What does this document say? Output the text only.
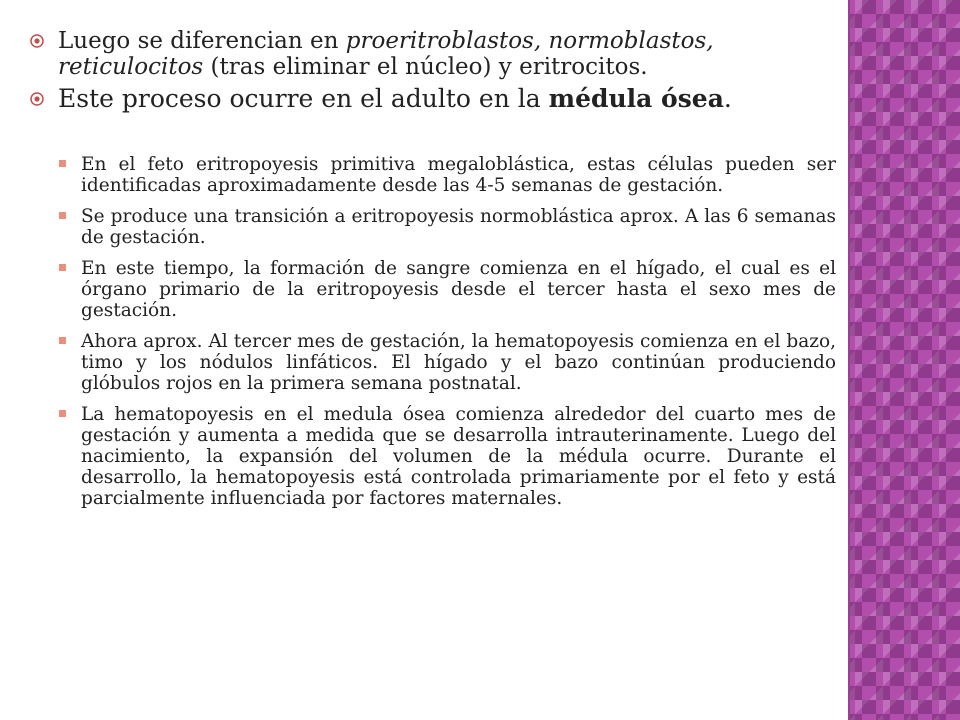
Luego se diferencian en proeritroblastos, normoblastos, reticulocitos (tras eliminar el núcleo) y eritrocitos.

Este proceso ocurre en el adulto en la médula ósea.

En el feto eritropoyesis primitiva megaloblástica, estas células pueden ser identificadas aproximadamente desde las 4-5 semanas de gestación.

Se produce una transición a eritropoyesis normoblástica aprox. A las 6 semanas de gestación.

En este tiempo, la formación de sangre comienza en el hígado, el cual es el órgano primario de la eritropoyesis desde el tercer hasta el sexo mes de gestación.

Ahora aprox. Al tercer mes de gestación, la hematopoyesis comienza en el bazo, timo y los nódulos linfáticos. El hígado y el bazo continúan produciendo glóbulos rojos en la primera semana postnatal.

La hematopoyesis en el medula ósea comienza alrededor del cuarto mes de gestación y aumenta a medida que se desarrolla intrauterinamente. Luego del nacimiento, la expansión del volumen de la médula ocurre. Durante el desarrollo, la hematopoyesis está controlada primariamente por el feto y está parcialmente influenciada por factores maternales.
